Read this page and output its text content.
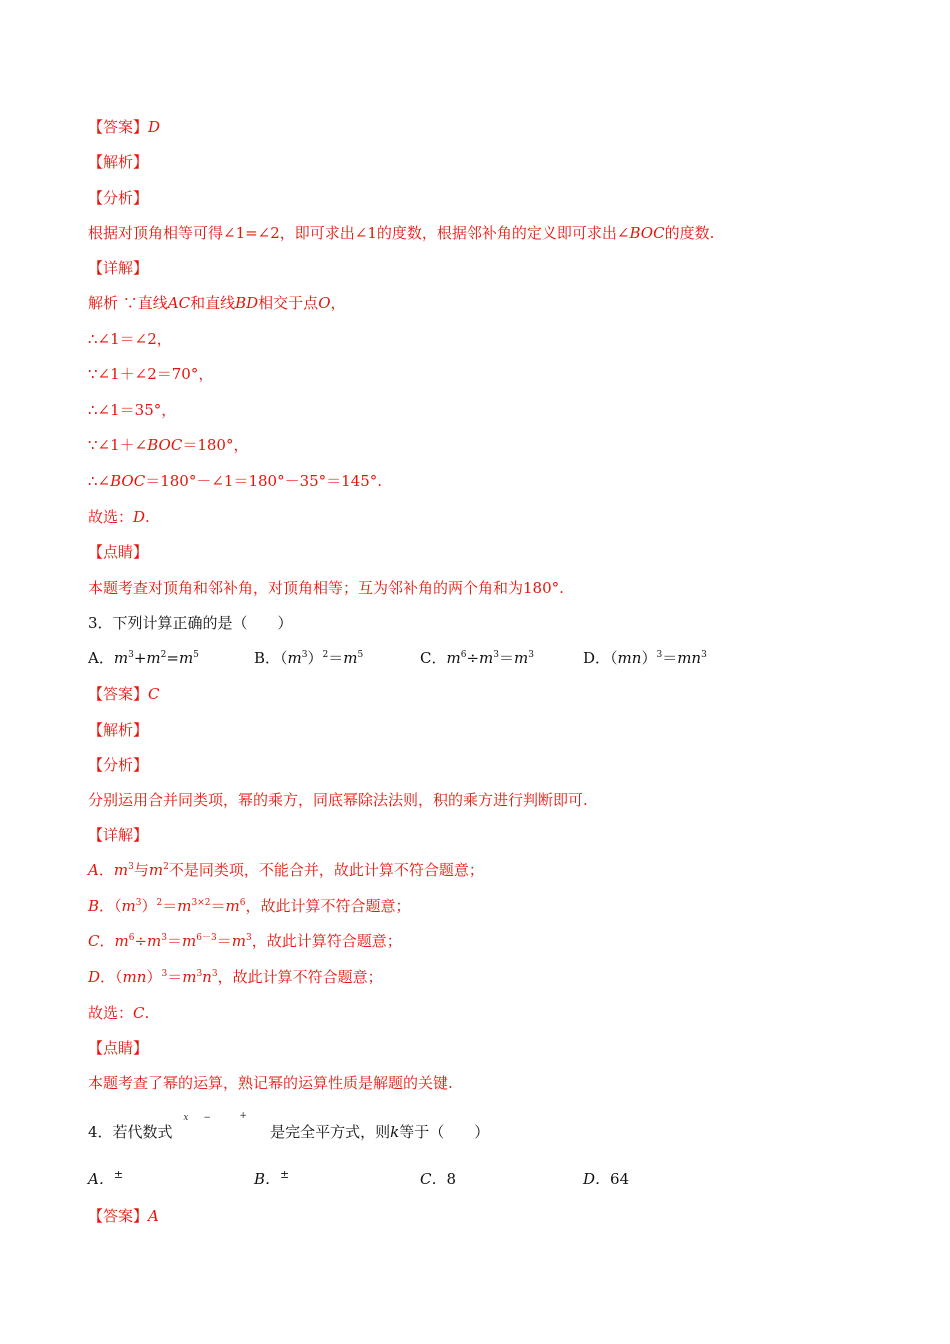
【答案】D
【解析】
【分析】
根据对顶角相等可得∠1=∠2，即可求出∠1的度数，根据邻补角的定义即可求出∠BOC的度数.
【详解】
解析 ∵直线AC和直线BD相交于点O，
∴∠1＝∠2，
∵∠1＋∠2＝70°，
∴∠1＝35°，
∵∠1＋∠BOC＝180°，
∴∠BOC＝180°－∠1＝180°－35°＝145°.
故选：D.
【点睛】
本题考查对顶角和邻补角，对顶角相等；互为邻补角的两个角和为180°.
3．下列计算正确的是（　　）
A．$m^3+m^2=m^5$	B．$(m^3)^2=m^5$	C．$m^6\div m^3=m^3$	D．$(mn)^3=mn^3$
【答案】C
【解析】
【分析】
分别运用合并同类项，幂的乘方，同底幂除法法则，积的乘方进行判断即可.
【详解】
A．$m^3$与$m^2$不是同类项，不能合并，故此计算不符合题意；
B．$(m^3)^2=m^{3\times 2}=m^6$，故此计算不符合题意；
C．$m^6\div m^3=m^{6-3}=m^3$，故此计算符合题意；
D．$(mn)^3=m^3n^3$，故此计算不符合题意；
故选：C.
【点睛】
本题考查了幂的运算，熟记幂的运算性质是解题的关键.
4．若代数式
x −	+
是完全平方式，则k等于（　　）
A．±	B．±	C．8	D．64
【答案】A
